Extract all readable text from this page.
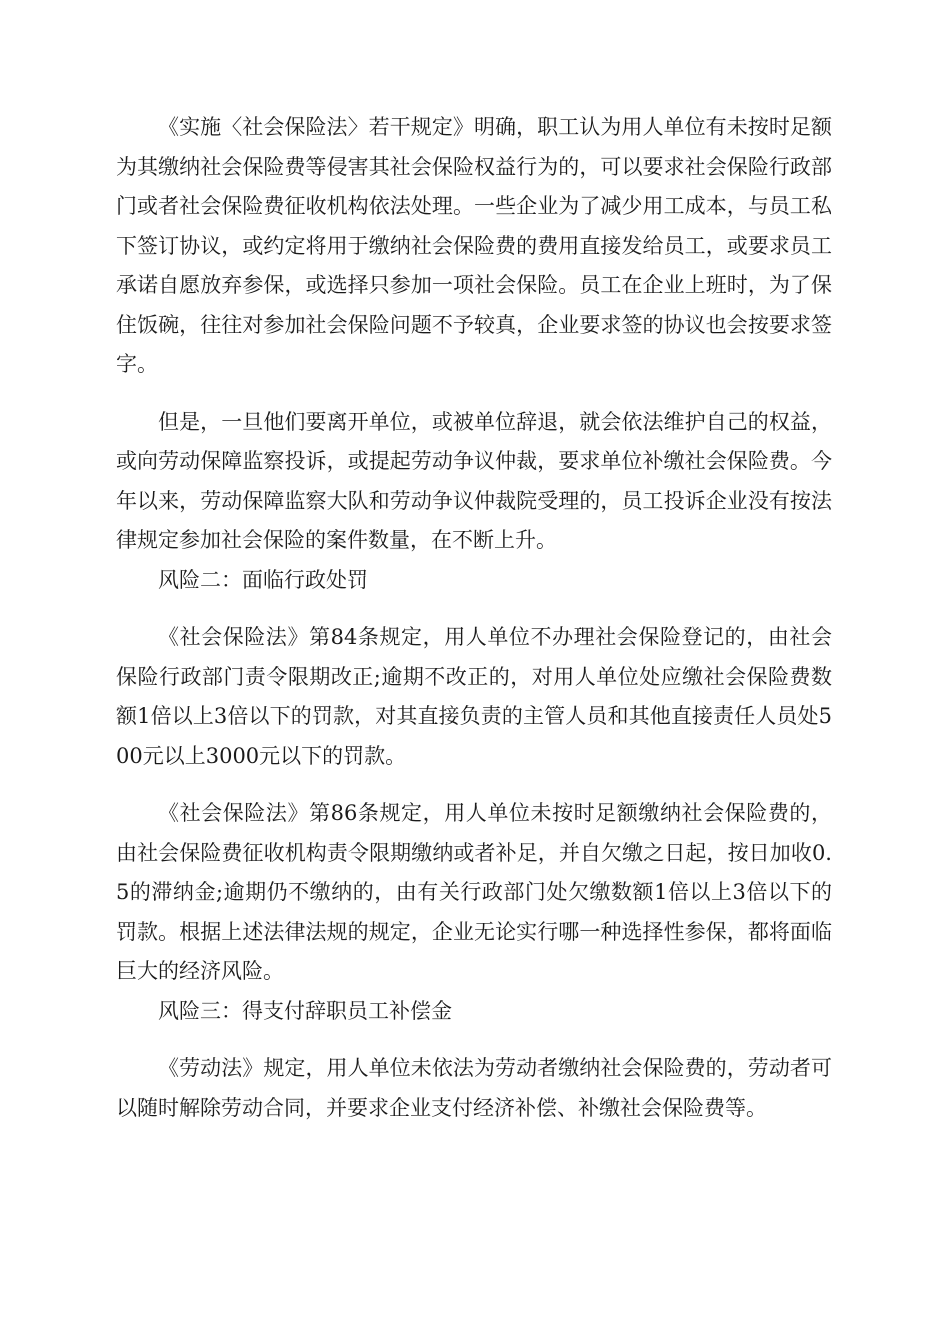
《实施〈社会保险法〉若干规定》明确，职工认为用人单位有未按时足额为其缴纳社会保险费等侵害其社会保险权益行为的，可以要求社会保险行政部门或者社会保险费征收机构依法处理。一些企业为了减少用工成本，与员工私下签订协议，或约定将用于缴纳社会保险费的费用直接发给员工，或要求员工承诺自愿放弃参保，或选择只参加一项社会保险。员工在企业上班时，为了保住饭碗，往往对参加社会保险问题不予较真，企业要求签的协议也会按要求签字。

但是，一旦他们要离开单位，或被单位辞退，就会依法维护自己的权益，或向劳动保障监察投诉，或提起劳动争议仲裁，要求单位补缴社会保险费。今年以来，劳动保障监察大队和劳动争议仲裁院受理的，员工投诉企业没有按法律规定参加社会保险的案件数量，在不断上升。

风险二：面临行政处罚

《社会保险法》第84条规定，用人单位不办理社会保险登记的，由社会保险行政部门责令限期改正;逾期不改正的，对用人单位处应缴社会保险费数额1倍以上3倍以下的罚款，对其直接负责的主管人员和其他直接责任人员处500元以上3000元以下的罚款。

《社会保险法》第86条规定，用人单位未按时足额缴纳社会保险费的，由社会保险费征收机构责令限期缴纳或者补足，并自欠缴之日起，按日加收0.5的滞纳金;逾期仍不缴纳的，由有关行政部门处欠缴数额1倍以上3倍以下的罚款。根据上述法律法规的规定，企业无论实行哪一种选择性参保，都将面临巨大的经济风险。

风险三：得支付辞职员工补偿金

《劳动法》规定，用人单位未依法为劳动者缴纳社会保险费的，劳动者可以随时解除劳动合同，并要求企业支付经济补偿、补缴社会保险费等。
